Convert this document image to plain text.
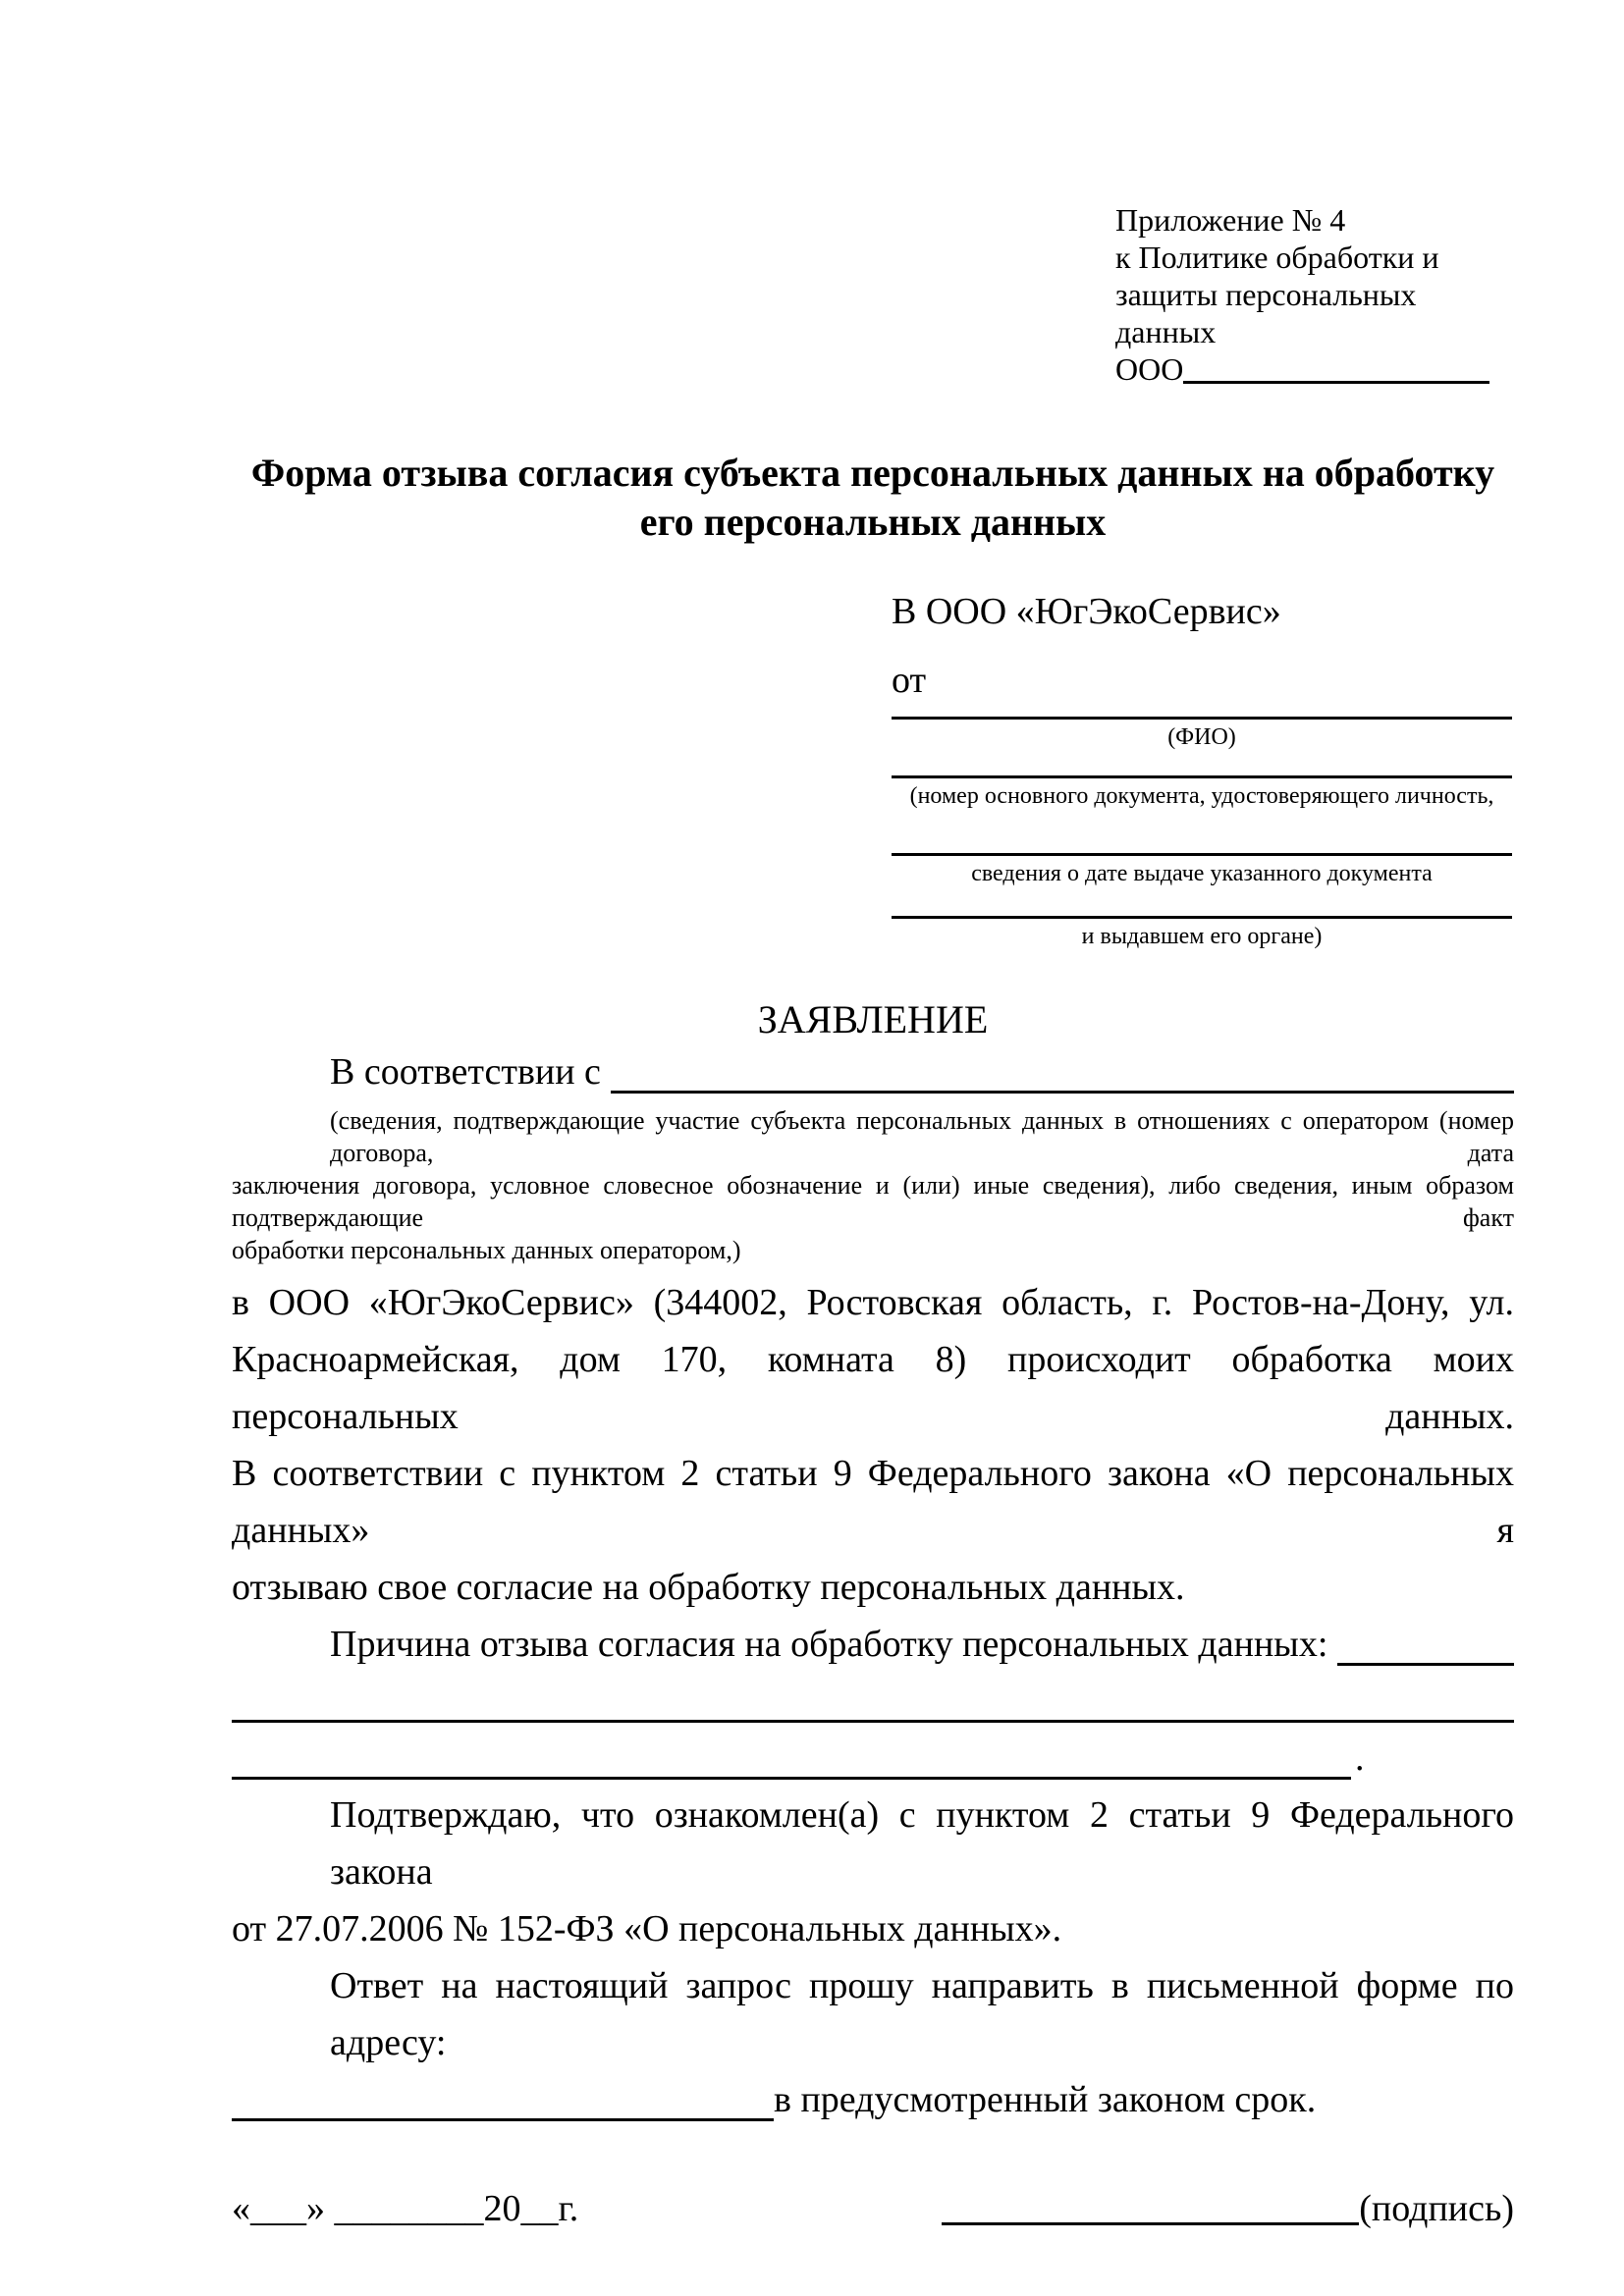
Приложение № 4
к Политике обработки и
защиты персональных данных
ООО
Форма отзыва согласия субъекта персональных данных на обработку его персональных данных
В ООО «ЮгЭкоСервис»
от
(ФИО)
(номер основного документа, удостоверяющего личность,
сведения о дате выдаче указанного документа
и выдавшем его органе)
ЗАЯВЛЕНИЕ
В соответствии с
(сведения, подтверждающие участие субъекта персональных данных в отношениях с оператором (номер договора, дата
заключения договора, условное словесное обозначение и (или) иные сведения), либо сведения, иным образом подтверждающие факт
обработки персональных данных оператором,)
в ООО «ЮгЭкоСервис» (344002, Ростовская область, г. Ростов-на-Дону, ул.
Красноармейская, дом 170, комната 8) происходит обработка моих персональных данных.
В соответствии с пунктом 2 статьи 9 Федерального закона «О персональных данных» я
отзываю свое согласие на обработку персональных данных.
Причина отзыва согласия на обработку персональных данных:
.
Подтверждаю, что ознакомлен(а) с пунктом 2 статьи 9 Федерального закона
от 27.07.2006 № 152-ФЗ «О персональных данных».
Ответ на настоящий запрос прошу направить в письменной форме по адресу:
в предусмотренный законом срок.
«___» ________20__г.	(подпись)
